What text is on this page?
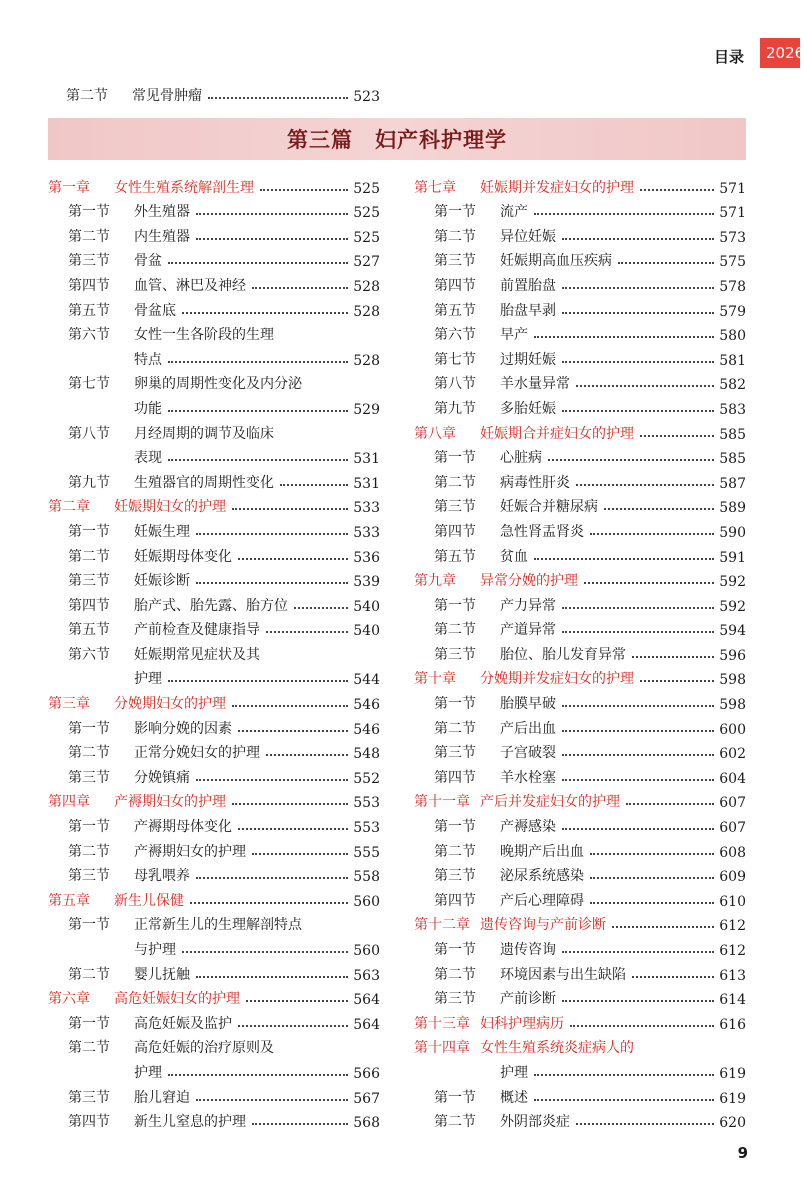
目录	2026
第二节	常见骨肿瘤	523
第三篇　妇产科护理学
第一章	女性生殖系统解剖生理	525
第一节	外生殖器	525
第二节	内生殖器	525
第三节	骨盆	527
第四节	血管、淋巴及神经	528
第五节	骨盆底	528
第六节	女性一生各阶段的生理
特点	528
第七节	卵巢的周期性变化及内分泌
功能	529
第八节	月经周期的调节及临床
表现	531
第九节	生殖器官的周期性变化	531
第二章	妊娠期妇女的护理	533
第一节	妊娠生理	533
第二节	妊娠期母体变化	536
第三节	妊娠诊断	539
第四节	胎产式、胎先露、胎方位	540
第五节	产前检查及健康指导	540
第六节	妊娠期常见症状及其
护理	544
第三章	分娩期妇女的护理	546
第一节	影响分娩的因素	546
第二节	正常分娩妇女的护理	548
第三节	分娩镇痛	552
第四章	产褥期妇女的护理	553
第一节	产褥期母体变化	553
第二节	产褥期妇女的护理	555
第三节	母乳喂养	558
第五章	新生儿保健	560
第一节	正常新生儿的生理解剖特点
与护理	560
第二节	婴儿抚触	563
第六章	高危妊娠妇女的护理	564
第一节	高危妊娠及监护	564
第二节	高危妊娠的治疗原则及
护理	566
第三节	胎儿窘迫	567
第四节	新生儿窒息的护理	568
第七章	妊娠期并发症妇女的护理	571
第一节	流产	571
第二节	异位妊娠	573
第三节	妊娠期高血压疾病	575
第四节	前置胎盘	578
第五节	胎盘早剥	579
第六节	早产	580
第七节	过期妊娠	581
第八节	羊水量异常	582
第九节	多胎妊娠	583
第八章	妊娠期合并症妇女的护理	585
第一节	心脏病	585
第二节	病毒性肝炎	587
第三节	妊娠合并糖尿病	589
第四节	急性肾盂肾炎	590
第五节	贫血	591
第九章	异常分娩的护理	592
第一节	产力异常	592
第二节	产道异常	594
第三节	胎位、胎儿发育异常	596
第十章	分娩期并发症妇女的护理	598
第一节	胎膜早破	598
第二节	产后出血	600
第三节	子宫破裂	602
第四节	羊水栓塞	604
第十一章 产后并发症妇女的护理	607
第一节	产褥感染	607
第二节	晚期产后出血	608
第三节	泌尿系统感染	609
第四节	产后心理障碍	610
第十二章 遗传咨询与产前诊断	612
第一节	遗传咨询	612
第二节	环境因素与出生缺陷	613
第三节	产前诊断	614
第十三章 妇科护理病历	616
第十四章 女性生殖系统炎症病人的
护理	619
第一节	概述	619
第二节	外阴部炎症	620
9
